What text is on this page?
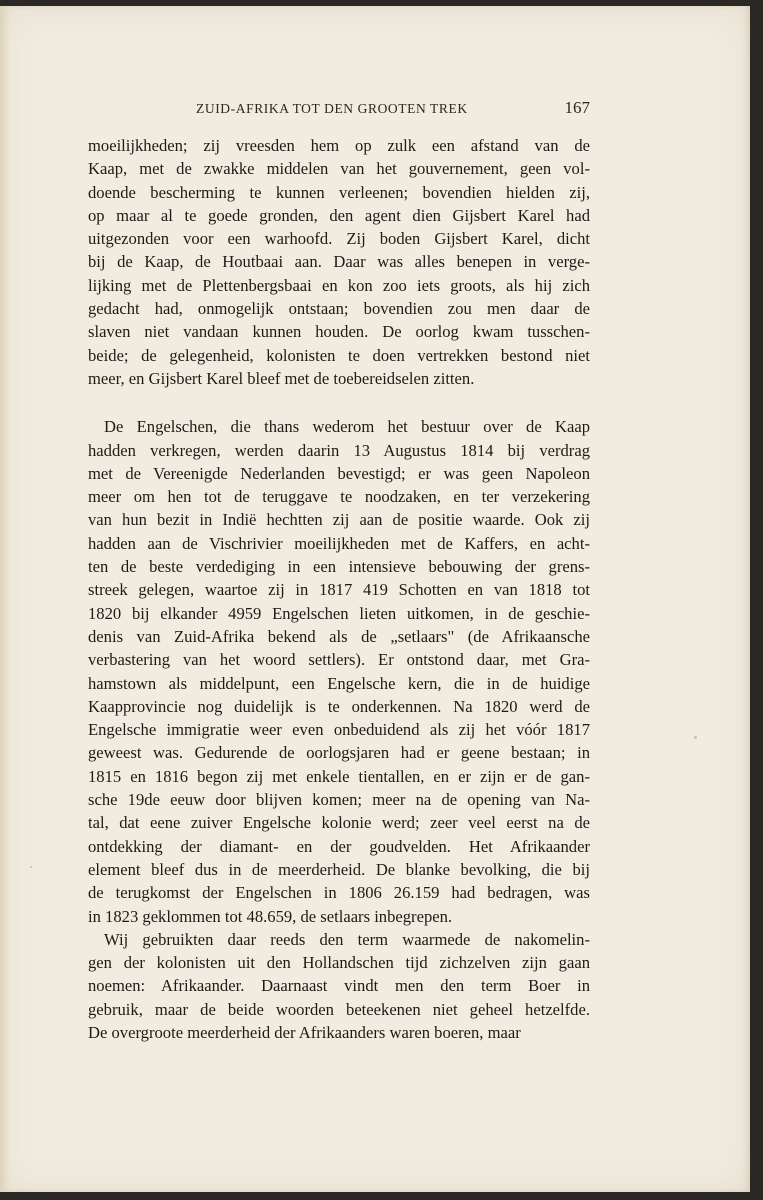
ZUID-AFRIKA TOT DEN GROOTEN TREK	167
moeilijkheden; zij vreesden hem op zulk een afstand van de
Kaap, met de zwakke middelen van het gouvernement, geen vol-
doende bescherming te kunnen verleenen; bovendien hielden zij,
op maar al te goede gronden, den agent dien Gijsbert Karel had
uitgezonden voor een warhoofd. Zij boden Gijsbert Karel, dicht
bij de Kaap, de Houtbaai aan. Daar was alles benepen in verge-
lijking met de Plettenbergsbaai en kon zoo iets groots, als hij zich
gedacht had, onmogelijk ontstaan; bovendien zou men daar de
slaven niet vandaan kunnen houden. De oorlog kwam tusschen-
beide; de gelegenheid, kolonisten te doen vertrekken bestond niet
meer, en Gijsbert Karel bleef met de toebereidselen zitten.
De Engelschen, die thans wederom het bestuur over de Kaap
hadden verkregen, werden daarin 13 Augustus 1814 bij verdrag
met de Vereenigde Nederlanden bevestigd; er was geen Napoleon
meer om hen tot de teruggave te noodzaken, en ter verzekering
van hun bezit in Indië hechtten zij aan de positie waarde. Ook zij
hadden aan de Vischrivier moeilijkheden met de Kaffers, en acht-
ten de beste verdediging in een intensieve bebouwing der grens-
streek gelegen, waartoe zij in 1817 419 Schotten en van 1818 tot
1820 bij elkander 4959 Engelschen lieten uitkomen, in de geschie-
denis van Zuid-Afrika bekend als de „setlaars" (de Afrikaansche
verbastering van het woord settlers). Er ontstond daar, met Gra-
hamstown als middelpunt, een Engelsche kern, die in de huidige
Kaapprovincie nog duidelijk is te onderkennen. Na 1820 werd de
Engelsche immigratie weer even onbeduidend als zij het vóór 1817
geweest was. Gedurende de oorlogsjaren had er geene bestaan; in
1815 en 1816 begon zij met enkele tientallen, en er zijn er de gan-
sche 19de eeuw door blijven komen; meer na de opening van Na-
tal, dat eene zuiver Engelsche kolonie werd; zeer veel eerst na de
ontdekking der diamant- en der goudvelden. Het Afrikaander
element bleef dus in de meerderheid. De blanke bevolking, die bij
de terugkomst der Engelschen in 1806 26.159 had bedragen, was
in 1823 geklommen tot 48.659, de setlaars inbegrepen.
Wij gebruikten daar reeds den term waarmede de nakomelin-
gen der kolonisten uit den Hollandschen tijd zichzelven zijn gaan
noemen: Afrikaander. Daarnaast vindt men den term Boer in
gebruik, maar de beide woorden beteekenen niet geheel hetzelfde.
De overgroote meerderheid der Afrikaanders waren boeren, maar
